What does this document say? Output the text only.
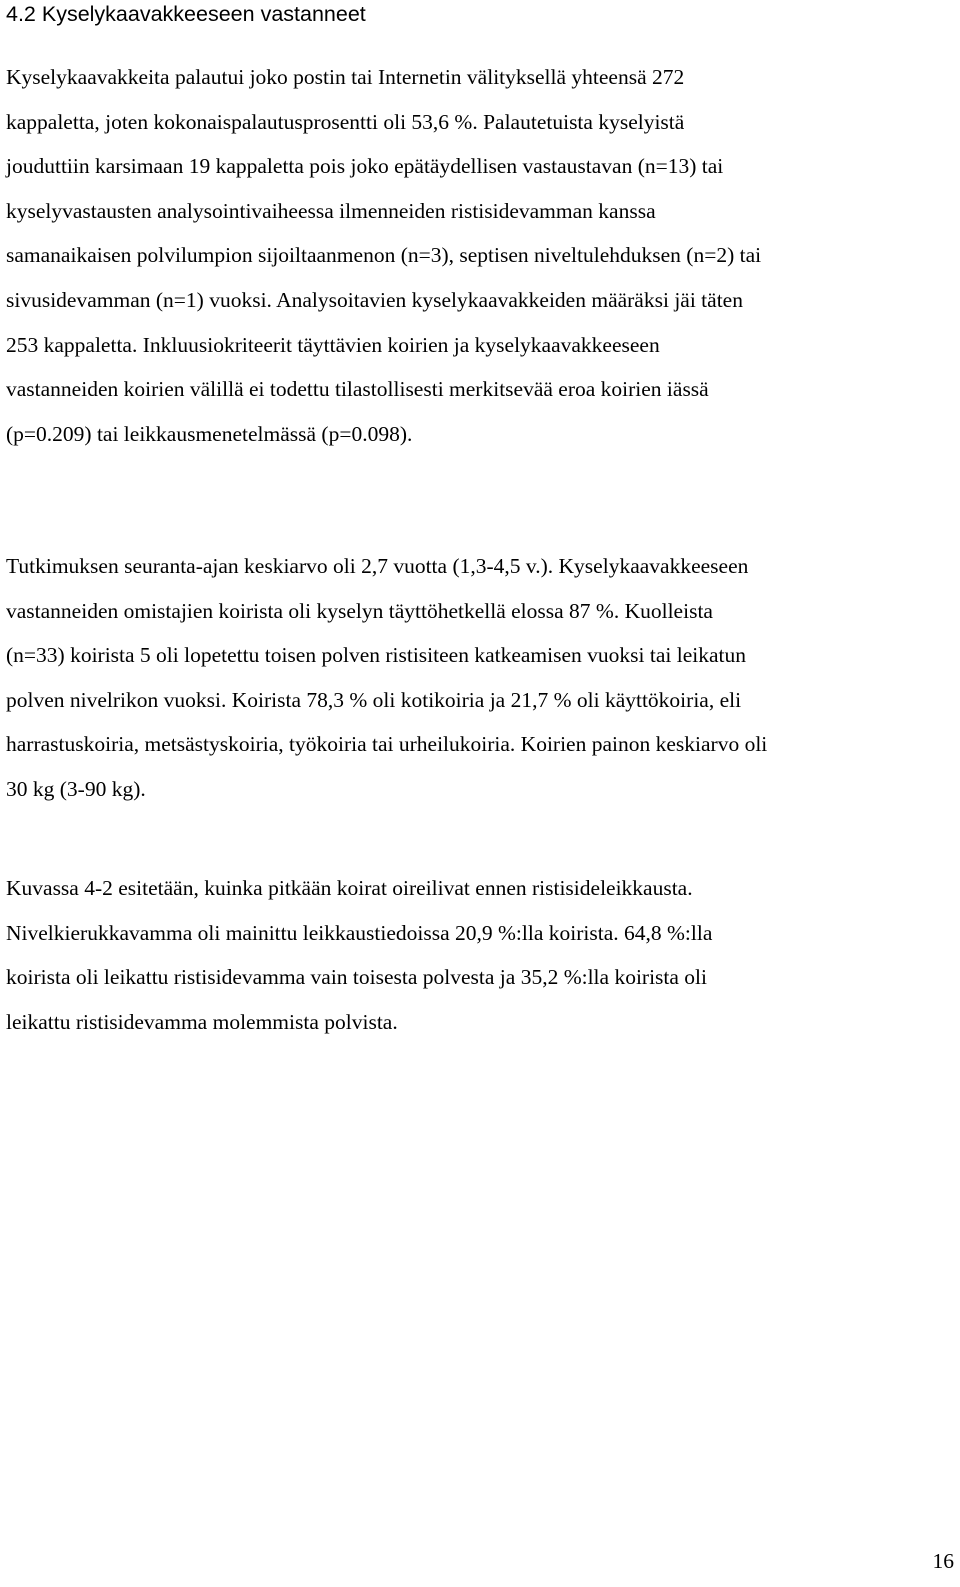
4.2 Kyselykaavakkeeseen vastanneet
Kyselykaavakkeita palautui joko postin tai Internetin välityksellä yhteensä 272
kappaletta, joten kokonaispalautusprosentti oli 53,6 %. Palautetuista kyselyistä
jouduttiin karsimaan 19 kappaletta pois joko epätäydellisen vastaustavan (n=13) tai
kyselyvastausten analysointivaiheessa ilmenneiden ristisidevamman kanssa
samanaikaisen polvilumpion sijoiltaanmenon (n=3), septisen niveltulehduksen (n=2) tai
sivusidevamman (n=1) vuoksi. Analysoitavien kyselykaavakkeiden määräksi jäi täten
253 kappaletta. Inkluusiokriteerit täyttävien koirien ja kyselykaavakkeeseen
vastanneiden koirien välillä ei todettu tilastollisesti merkitsevää eroa koirien iässä
(p=0.209) tai leikkausmenetelmässä (p=0.098).
Tutkimuksen seuranta-ajan keskiarvo oli 2,7 vuotta (1,3-4,5 v.). Kyselykaavakkeeseen
vastanneiden omistajien koirista oli kyselyn täyttöhetkellä elossa 87 %. Kuolleista
(n=33) koirista 5 oli lopetettu toisen polven ristisiteen katkeamisen vuoksi tai leikatun
polven nivelrikon vuoksi. Koirista 78,3 % oli kotikoiria ja 21,7 % oli käyttökoiria, eli
harrastuskoiria, metsästyskoiria, työkoiria tai urheilukoiria. Koirien painon keskiarvo oli
30 kg (3-90 kg).
Kuvassa 4-2 esitetään, kuinka pitkään koirat oireilivat ennen ristisideleikkausta.
Nivelkierukkavamma oli mainittu leikkaustiedoissa 20,9 %:lla koirista. 64,8 %:lla
koirista oli leikattu ristisidevamma vain toisesta polvesta ja 35,2 %:lla koirista oli
leikattu ristisidevamma molemmista polvista.
16
